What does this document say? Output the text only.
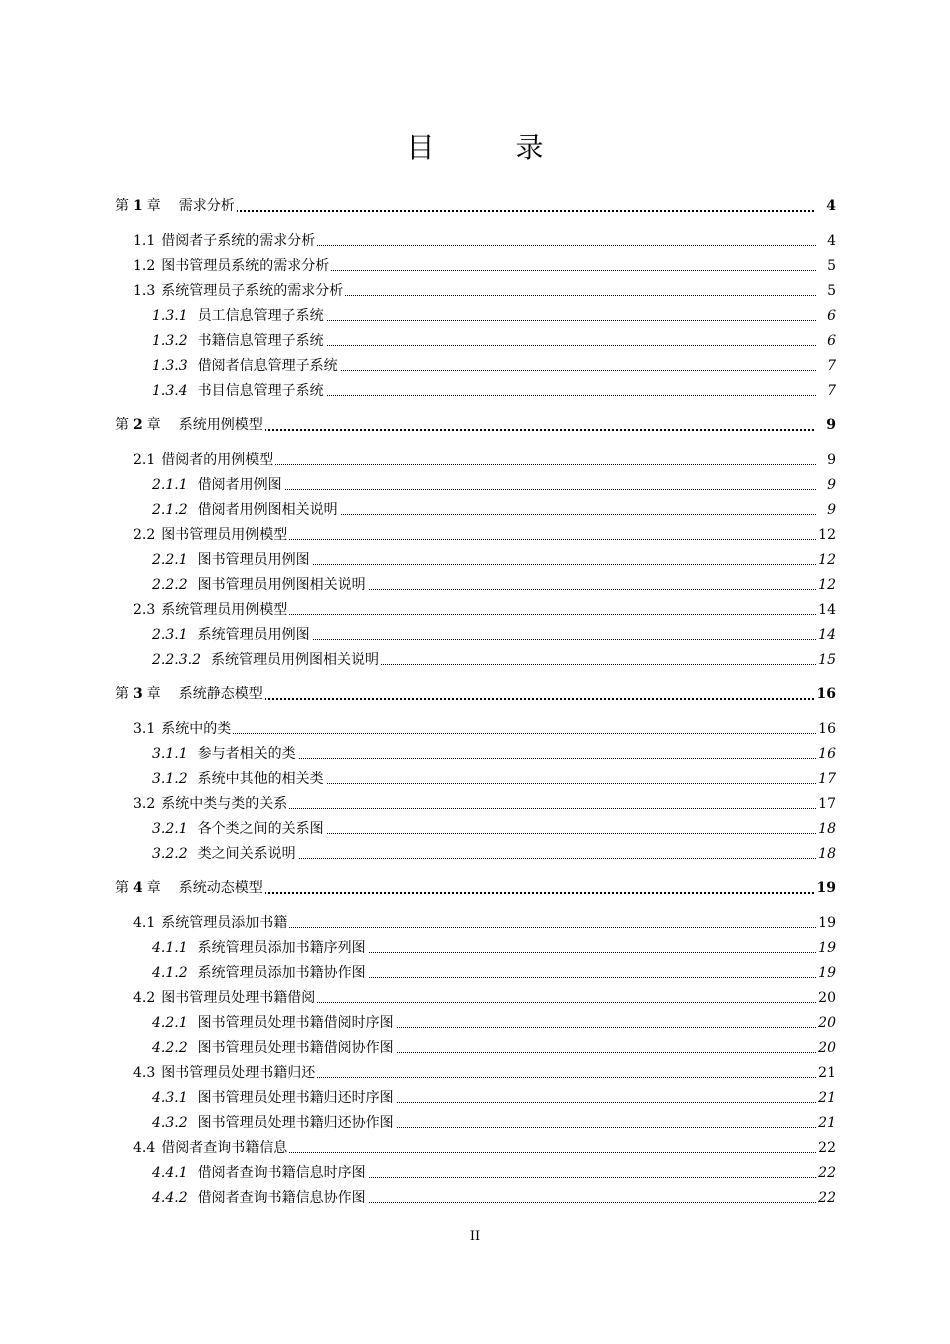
目 录
第 1 章 需求分析	4
1.1 借阅者子系统的需求分析	4
1.2 图书管理员系统的需求分析	5
1.3 系统管理员子系统的需求分析	5
1.3.1 员工信息管理子系统	6
1.3.2 书籍信息管理子系统	6
1.3.3 借阅者信息管理子系统	7
1.3.4 书目信息管理子系统	7
第 2 章 系统用例模型	9
2.1 借阅者的用例模型	9
2.1.1 借阅者用例图	9
2.1.2 借阅者用例图相关说明	9
2.2 图书管理员用例模型	12
2.2.1 图书管理员用例图	12
2.2.2 图书管理员用例图相关说明	12
2.3 系统管理员用例模型	14
2.3.1 系统管理员用例图	14
2.2.3.2 系统管理员用例图相关说明	15
第 3 章 系统静态模型	16
3.1 系统中的类	16
3.1.1 参与者相关的类	16
3.1.2 系统中其他的相关类	17
3.2 系统中类与类的关系	17
3.2.1 各个类之间的关系图	18
3.2.2 类之间关系说明	18
第 4 章 系统动态模型	19
4.1 系统管理员添加书籍	19
4.1.1 系统管理员添加书籍序列图	19
4.1.2 系统管理员添加书籍协作图	19
4.2 图书管理员处理书籍借阅	20
4.2.1 图书管理员处理书籍借阅时序图	20
4.2.2 图书管理员处理书籍借阅协作图	20
4.3 图书管理员处理书籍归还	21
4.3.1 图书管理员处理书籍归还时序图	21
4.3.2 图书管理员处理书籍归还协作图	21
4.4 借阅者查询书籍信息	22
4.4.1 借阅者查询书籍信息时序图	22
4.4.2 借阅者查询书籍信息协作图	22
II
